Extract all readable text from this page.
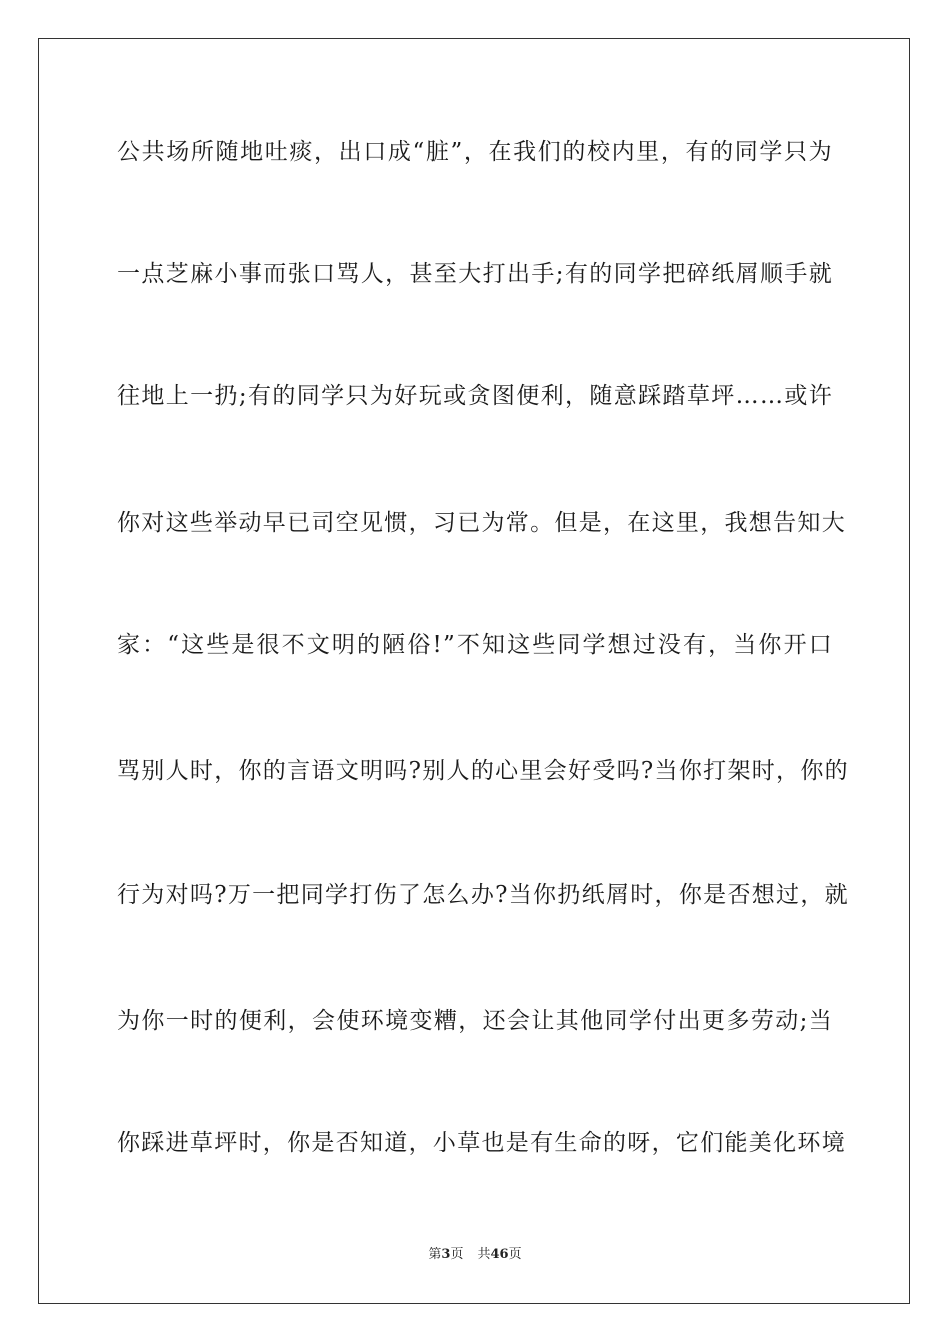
公共场所随地吐痰，出口成“脏”，在我们的校内里，有的同学只为
一点芝麻小事而张口骂人，甚至大打出手;有的同学把碎纸屑顺手就
往地上一扔;有的同学只为好玩或贪图便利，随意踩踏草坪……或许
你对这些举动早已司空见惯，习已为常。但是，在这里，我想告知大
家：“这些是很不文明的陋俗!”不知这些同学想过没有，当你开口
骂别人时，你的言语文明吗?别人的心里会好受吗?当你打架时，你的
行为对吗?万一把同学打伤了怎么办?当你扔纸屑时，你是否想过，就
为你一时的便利，会使环境变糟，还会让其他同学付出更多劳动;当
你踩进草坪时，你是否知道，小草也是有生命的呀，它们能美化环境
第3页 共46页
